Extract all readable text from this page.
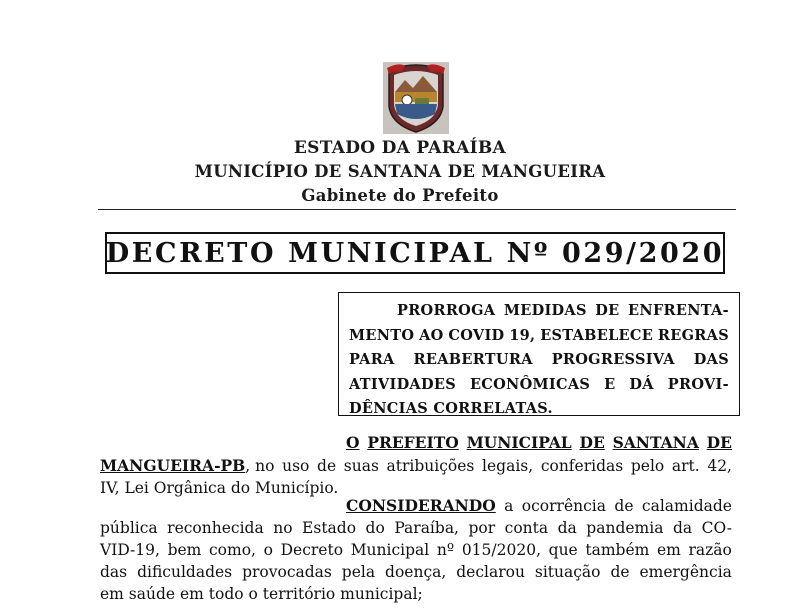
ESTADO DA PARAÍBA
MUNICÍPIO DE SANTANA DE MANGUEIRA
Gabinete do Prefeito
DECRETO MUNICIPAL Nº 029/2020
PRORROGA MEDIDAS DE ENFRENTA-
MENTO AO COVID 19, ESTABELECE REGRAS
PARA REABERTURA PROGRESSIVA DAS
ATIVIDADES ECONÔMICAS E DÁ PROVI-
DÊNCIAS CORRELATAS.
O PREFEITO MUNICIPAL DE SANTANA DE
MANGUEIRA-PB, no uso de suas atribuições legais, conferidas pelo art. 42,
IV, Lei Orgânica do Município.
CONSIDERANDO a ocorrência de calamidade
pública reconhecida no Estado do Paraíba, por conta da pandemia da CO-
VID-19, bem como, o Decreto Municipal nº 015/2020, que também em razão
das dificuldades provocadas pela doença, declarou situação de emergência
em saúde em todo o território municipal;
